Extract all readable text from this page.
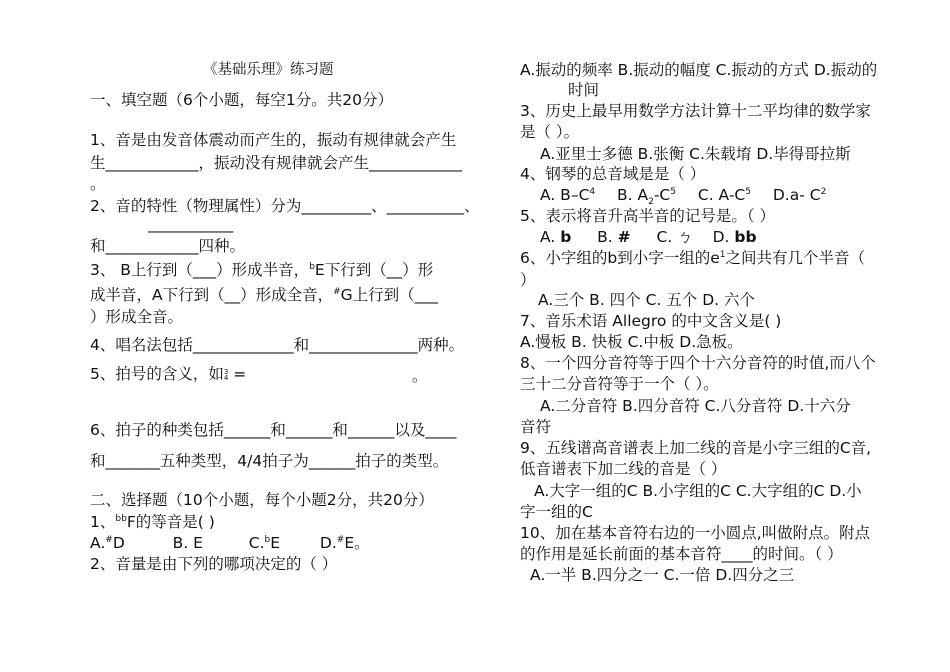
《基础乐理》练习题
一、填空题（6个小题，每空1分。共20分）
1、音是由发音体震动而产生的，振动有规律就会产生
生____________，振动没有规律就会产生____________
。
2、音的特性（物理属性）分为_________、__________、
___________
和____________四种。
3、 B上行到（___）形成半音，$^b$E下行到（__）形
成半音，A下行到（__）形成全音，#G上行到（___
）形成全音。
4、唱名法包括_____________和______________两种。
5、拍号的含义，如 3
4 =	。
6、拍子的种类包括______和______和______以及____
和_______五种类型，4/4拍子为______拍子的类型。
二、选择题（10个小题，每个小题2分，共20分）
1、$^{bb}$F的等音是( )
A.#D	B. E	C.$^b$E	D.#E。
2、音量是由下列的哪项决定的（ ）
A.振动的频率 B.振动的幅度 C.振动的方式 D.振动的
时间
3、历史上最早用数学方法计算十二平均律的数学家
是（ ）。
A.亚里士多德 B.张衡 C.朱载堉 D.毕得哥拉斯
4、钢琴的总音域是是（ ）
A. $B-C^4$ B. $A_2-C^5$ C. $A-C^5$ D.a- $C^2$
5、表示将音升高半音的记号是。（ ）
A. b B. # C. ㄅ D. bb
6、小字组的b到小字一组的$e^1$之间共有几个半音（
）
A.三个 B. 四个 C. 五个 D. 六个
7、音乐术语 Allegro 的中文含义是( )
A.慢板 B. 快板 C.中板 D.急板。
8、一个四分音符等于四个十六分音符的时值,而八个
三十二分音符等于一个（ ）。
A.二分音符 B.四分音符 C.八分音符 D.十六分
音符
9、五线谱高音谱表上加二线的音是小字三组的C音,
低音谱表下加二线的音是（ ）
A.大字一组的C B.小字组的C C.大字组的C D.小
字一组的C
10、加在基本音符右边的一小圆点,叫做附点。附点
的作用是延长前面的基本音符____的时间。（ ）
A.一半 B.四分之一 C.一倍 D.四分之三
